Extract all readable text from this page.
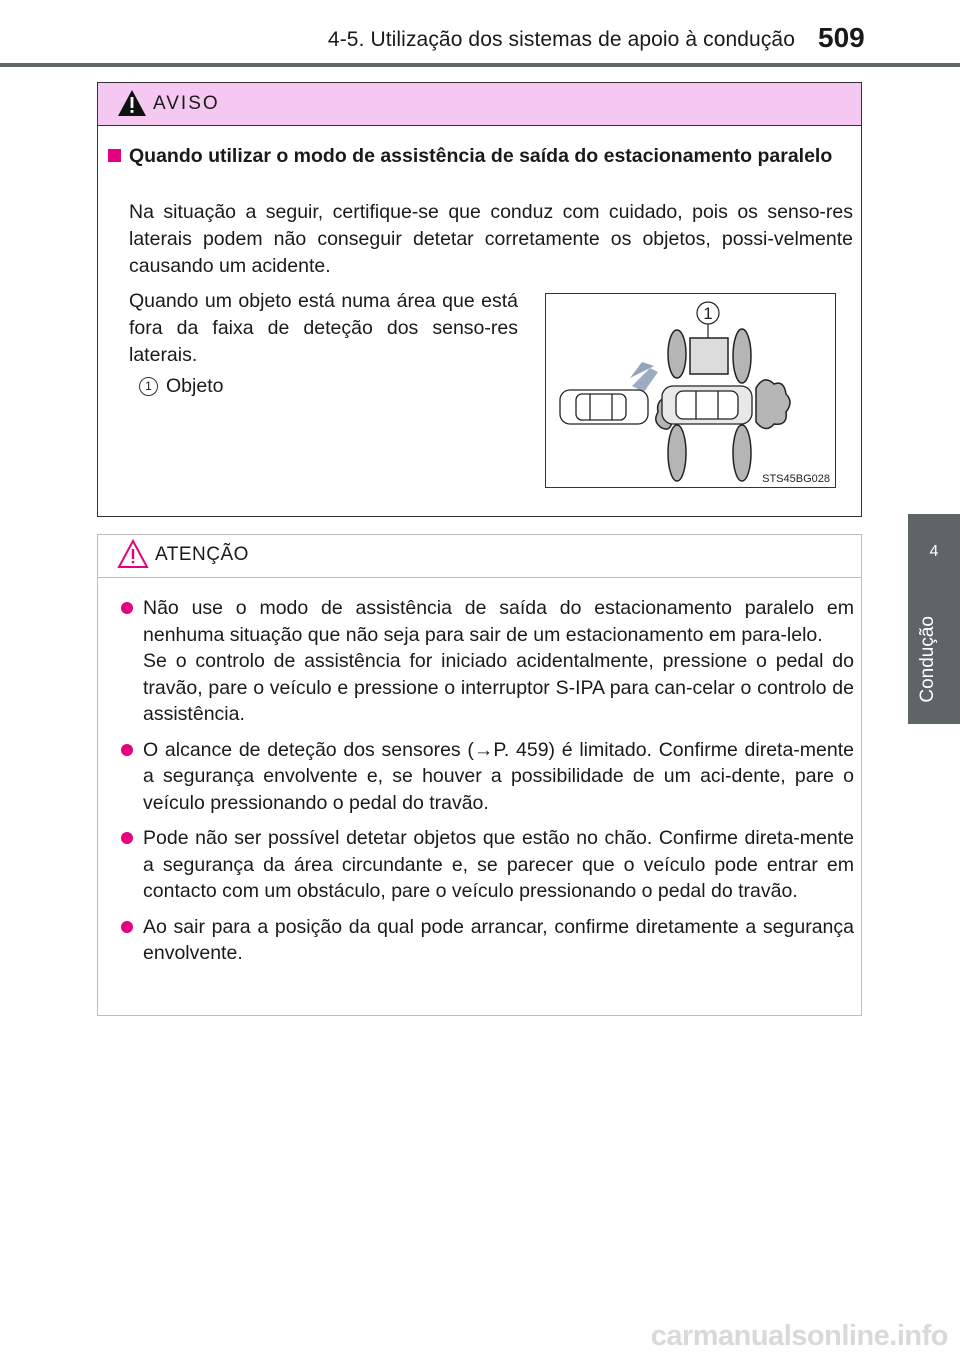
4-5. Utilização dos sistemas de apoio à condução 509
4
Condução
AVISO
Quando utilizar o modo de assistência de saída do estacionamento paralelo
Na situação a seguir, certifique-se que conduz com cuidado, pois os senso-res laterais podem não conseguir detetar corretamente os objetos, possi-velmente causando um acidente.
Quando um objeto está numa área que está fora da faixa de deteção dos senso-res laterais.
1 Objeto
1
STS45BG028
ATENÇÃO

Não use o modo de assistência de saída do estacionamento paralelo em nenhuma situação que não seja para sair de um estacionamento em para-lelo.

Se o controlo de assistência for iniciado acidentalmente, pressione o pedal do travão, pare o veículo e pressione o interruptor S-IPA para can-celar o controlo de assistência.

O alcance de deteção dos sensores (→P. 459) é limitado. Confirme direta-mente a segurança envolvente e, se houver a possibilidade de um aci-dente, pare o veículo pressionando o pedal do travão.

Pode não ser possível detetar objetos que estão no chão. Confirme direta-mente a segurança da área circundante e, se parecer que o veículo pode entrar em contacto com um obstáculo, pare o veículo pressionando o pedal do travão.

Ao sair para a posição da qual pode arrancar, confirme diretamente a segurança envolvente.

carmanualsonline.info
